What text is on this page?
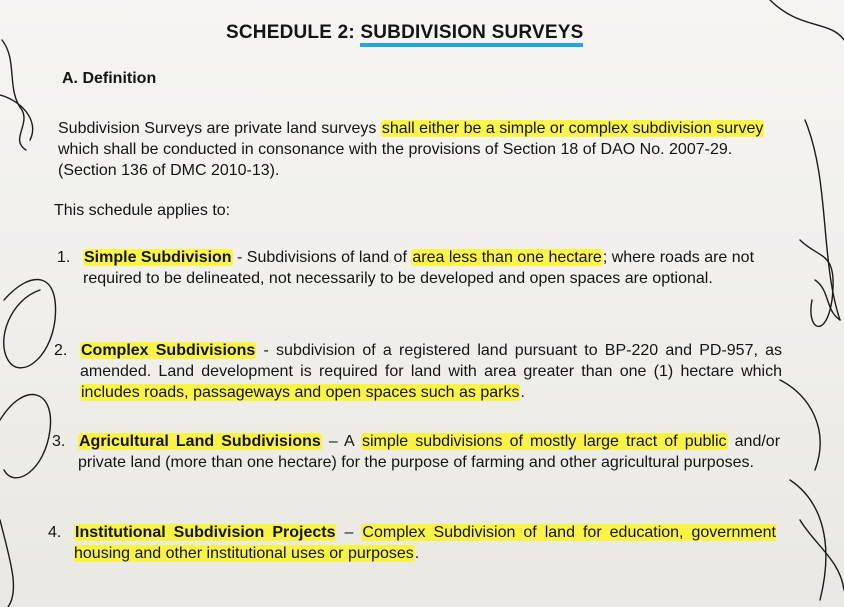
SCHEDULE 2: SUBDIVISION SURVEYS
A. Definition
Subdivision Surveys are private land surveys shall either be a simple or complex subdivision survey which shall be conducted in consonance with the provisions of Section 18 of DAO No. 2007-29. (Section 136 of DMC 2010-13).
This schedule applies to:
1. Simple Subdivision - Subdivisions of land of area less than one hectare; where roads are not required to be delineated, not necessarily to be developed and open spaces are optional.
2. Complex Subdivisions - subdivision of a registered land pursuant to BP-220 and PD-957, as amended. Land development is required for land with area greater than one (1) hectare which includes roads, passageways and open spaces such as parks.
3. Agricultural Land Subdivisions – A simple subdivisions of mostly large tract of public and/or private land (more than one hectare) for the purpose of farming and other agricultural purposes.
4. Institutional Subdivision Projects – Complex Subdivision of land for education, government housing and other institutional uses or purposes.
